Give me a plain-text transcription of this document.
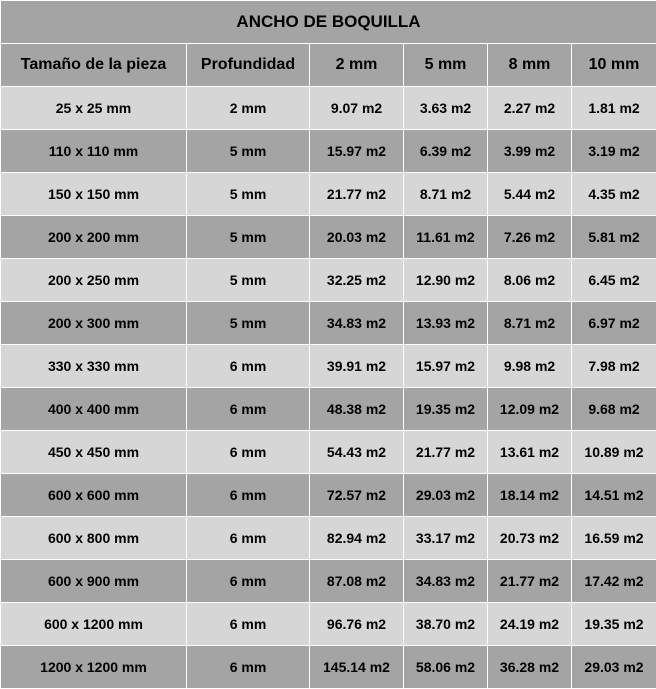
ANCHO DE BOQUILLA					
Tamaño de la pieza	Profundidad	2 mm	5 mm	8 mm	10 mm
25 x 25 mm	2 mm	9.07 m2	3.63 m2	2.27 m2	1.81 m2
110 x 110 mm	5 mm	15.97 m2	6.39 m2	3.99 m2	3.19 m2
150 x 150 mm	5 mm	21.77 m2	8.71 m2	5.44 m2	4.35 m2
200 x 200 mm	5 mm	20.03 m2	11.61 m2	7.26 m2	5.81 m2
200 x 250 mm	5 mm	32.25 m2	12.90 m2	8.06 m2	6.45 m2
200 x 300 mm	5 mm	34.83 m2	13.93 m2	8.71 m2	6.97 m2
330 x 330 mm	6 mm	39.91 m2	15.97 m2	9.98 m2	7.98 m2
400 x 400 mm	6 mm	48.38 m2	19.35 m2	12.09 m2	9.68 m2
450 x 450 mm	6 mm	54.43 m2	21.77 m2	13.61 m2	10.89 m2
600 x 600 mm	6 mm	72.57 m2	29.03 m2	18.14 m2	14.51 m2
600 x 800 mm	6 mm	82.94 m2	33.17 m2	20.73 m2	16.59 m2
600 x 900 mm	6 mm	87.08 m2	34.83 m2	21.77 m2	17.42 m2
600 x 1200 mm	6 mm	96.76 m2	38.70 m2	24.19 m2	19.35 m2
1200 x 1200 mm	6 mm	145.14 m2	58.06 m2	36.28 m2	29.03 m2
